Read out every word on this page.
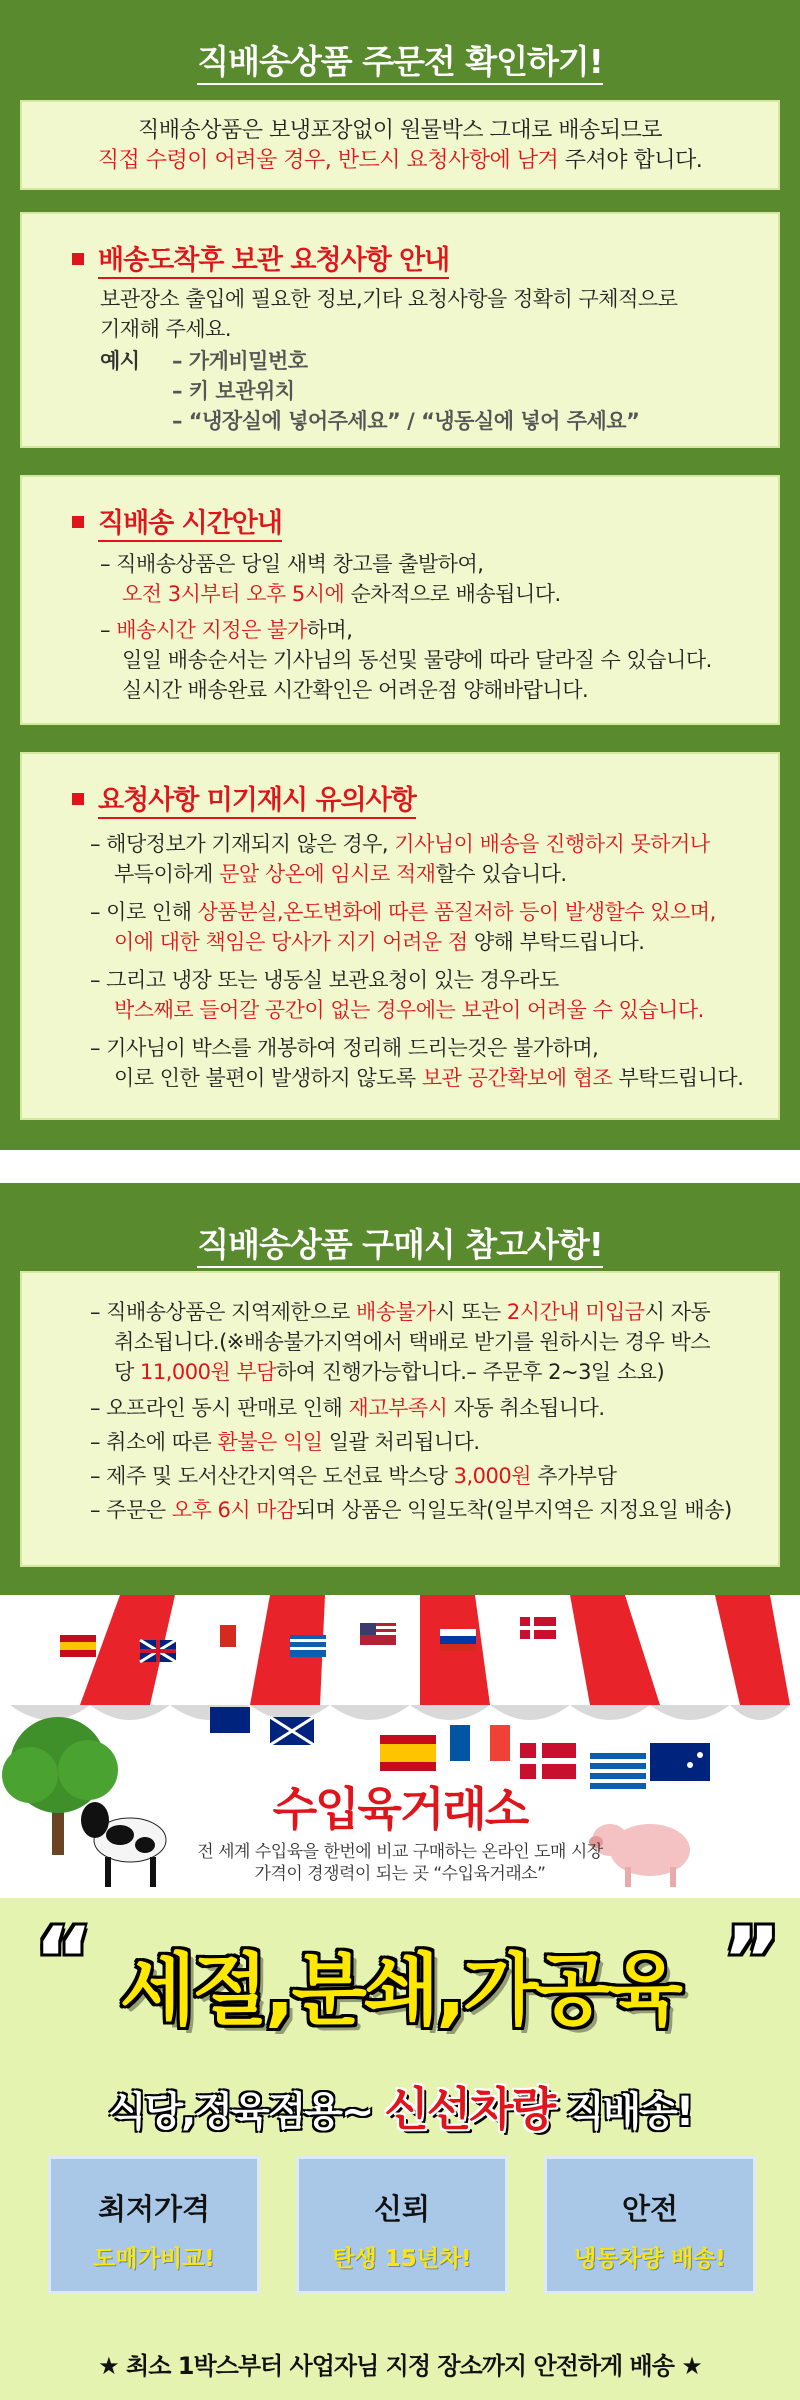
직배송상품 주문전 확인하기!
직배송상품은 보냉포장없이 원물박스 그대로 배송되므로
직접 수령이 어려울 경우, 반드시 요청사항에 남겨 주셔야 합니다.
배송도착후 보관 요청사항 안내
보관장소 출입에 필요한 정보,기타 요청사항을 정확히 구체적으로
기재해 주세요.
예시 – 가게비밀번호
– 키 보관위치
– “냉장실에 넣어주세요” / “냉동실에 넣어 주세요”
직배송 시간안내
– 직배송상품은 당일 새벽 창고를 출발하여,
오전 3시부터 오후 5시에 순차적으로 배송됩니다.
– 배송시간 지정은 불가하며,
일일 배송순서는 기사님의 동선및 물량에 따라 달라질 수 있습니다.
실시간 배송완료 시간확인은 어려운점 양해바랍니다.
요청사항 미기재시 유의사항
– 해당정보가 기재되지 않은 경우, 기사님이 배송을 진행하지 못하거나
부득이하게 문앞 상온에 임시로 적재할수 있습니다.
– 이로 인해 상품분실,온도변화에 따른 품질저하 등이 발생할수 있으며,
이에 대한 책임은 당사가 지기 어려운 점 양해 부탁드립니다.
– 그리고 냉장 또는 냉동실 보관요청이 있는 경우라도
박스째로 들어갈 공간이 없는 경우에는 보관이 어려울 수 있습니다.
– 기사님이 박스를 개봉하여 정리해 드리는것은 불가하며,
이로 인한 불편이 발생하지 않도록 보관 공간확보에 협조 부탁드립니다.
직배송상품 구매시 참고사항!
– 직배송상품은 지역제한으로 배송불가시 또는 2시간내 미입금시 자동
취소됩니다.(※배송불가지역에서 택배로 받기를 원하시는 경우 박스
당 11,000원 부담하여 진행가능합니다.– 주문후 2~3일 소요)
– 오프라인 동시 판매로 인해 재고부족시 자동 취소됩니다.
– 취소에 따른 환불은 익일 일괄 처리됩니다.
– 제주 및 도서산간지역은 도선료 박스당 3,000원 추가부담
– 주문은 오후 6시 마감되며 상품은 익일도착(일부지역은 지정요일 배송)
수입육거래소
전 세계 수입육을 한번에 비교 구매하는 온라인 도매 시장
가격이 경쟁력이 되는 곳 “수입육거래소”
“	”
세절,분쇄,가공육
식당,정육점용~ 신선차량 직배송!
최저가격
도매가비교!
신뢰
탄생 15년차!
안전
냉동차량 배송!
★ 최소 1박스부터 사업자님 지정 장소까지 안전하게 배송 ★
